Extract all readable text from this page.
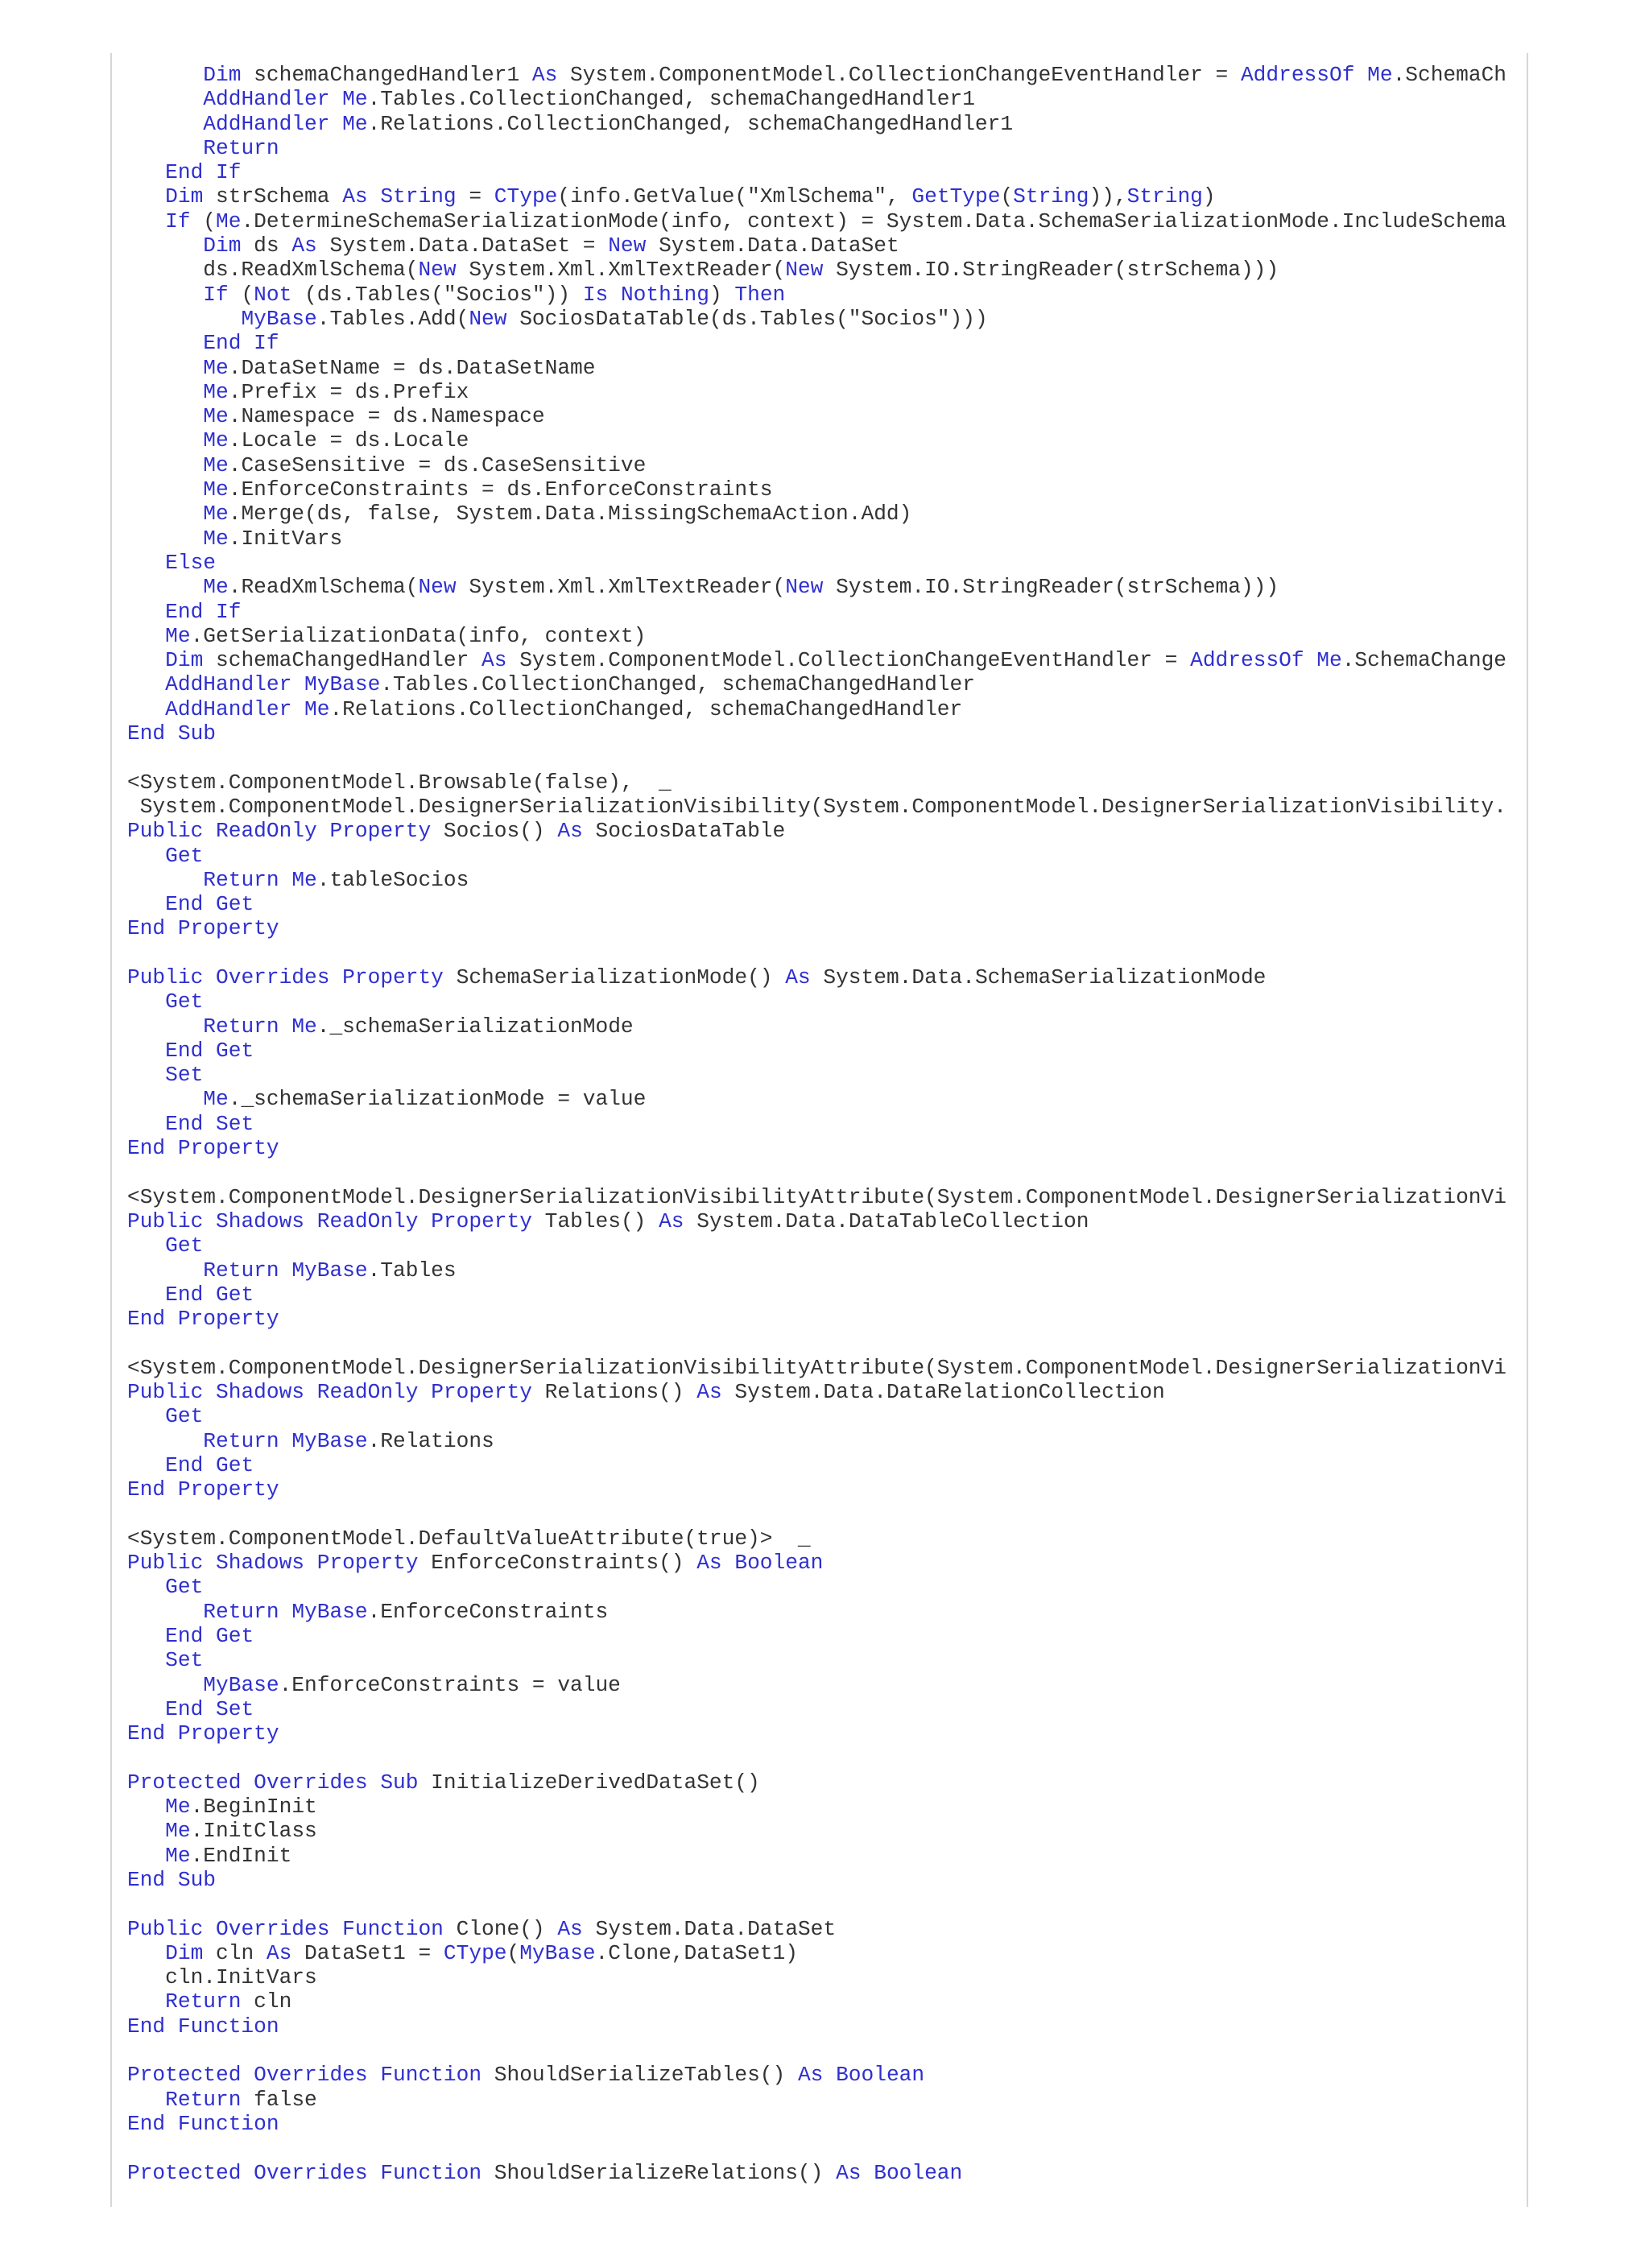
Dim schemaChangedHandler1 As System.ComponentModel.CollectionChangeEventHandler = AddressOf Me.SchemaCh
AddHandler Me.Tables.CollectionChanged, schemaChangedHandler1
AddHandler Me.Relations.CollectionChanged, schemaChangedHandler1
Return
End If
Dim strSchema As String = CType(info.GetValue("XmlSchema", GetType(String)),String)
If (Me.DetermineSchemaSerializationMode(info, context) = System.Data.SchemaSerializationMode.IncludeSchema
Dim ds As System.Data.DataSet = New System.Data.DataSet
ds.ReadXmlSchema(New System.Xml.XmlTextReader(New System.IO.StringReader(strSchema)))
If (Not (ds.Tables("Socios")) Is Nothing) Then
MyBase.Tables.Add(New SociosDataTable(ds.Tables("Socios")))
End If
Me.DataSetName = ds.DataSetName
Me.Prefix = ds.Prefix
Me.Namespace = ds.Namespace
Me.Locale = ds.Locale
Me.CaseSensitive = ds.CaseSensitive
Me.EnforceConstraints = ds.EnforceConstraints
Me.Merge(ds, false, System.Data.MissingSchemaAction.Add)
Me.InitVars
Else
Me.ReadXmlSchema(New System.Xml.XmlTextReader(New System.IO.StringReader(strSchema)))
End If
Me.GetSerializationData(info, context)
Dim schemaChangedHandler As System.ComponentModel.CollectionChangeEventHandler = AddressOf Me.SchemaChange
AddHandler MyBase.Tables.CollectionChanged, schemaChangedHandler
AddHandler Me.Relations.CollectionChanged, schemaChangedHandler
End Sub

<System.ComponentModel.Browsable(false),  _
System.ComponentModel.DesignerSerializationVisibility(System.ComponentModel.DesignerSerializationVisibility.
Public ReadOnly Property Socios() As SociosDataTable
Get
Return Me.tableSocios
End Get
End Property

Public Overrides Property SchemaSerializationMode() As System.Data.SchemaSerializationMode
Get
Return Me._schemaSerializationMode
End Get
Set
Me._schemaSerializationMode = value
End Set
End Property

<System.ComponentModel.DesignerSerializationVisibilityAttribute(System.ComponentModel.DesignerSerializationVi
Public Shadows ReadOnly Property Tables() As System.Data.DataTableCollection
Get
Return MyBase.Tables
End Get
End Property

<System.ComponentModel.DesignerSerializationVisibilityAttribute(System.ComponentModel.DesignerSerializationVi
Public Shadows ReadOnly Property Relations() As System.Data.DataRelationCollection
Get
Return MyBase.Relations
End Get
End Property

<System.ComponentModel.DefaultValueAttribute(true)>  _
Public Shadows Property EnforceConstraints() As Boolean
Get
Return MyBase.EnforceConstraints
End Get
Set
MyBase.EnforceConstraints = value
End Set
End Property

Protected Overrides Sub InitializeDerivedDataSet()
Me.BeginInit
Me.InitClass
Me.EndInit
End Sub

Public Overrides Function Clone() As System.Data.DataSet
Dim cln As DataSet1 = CType(MyBase.Clone,DataSet1)
cln.InitVars
Return cln
End Function

Protected Overrides Function ShouldSerializeTables() As Boolean
Return false
End Function

Protected Overrides Function ShouldSerializeRelations() As Boolean
